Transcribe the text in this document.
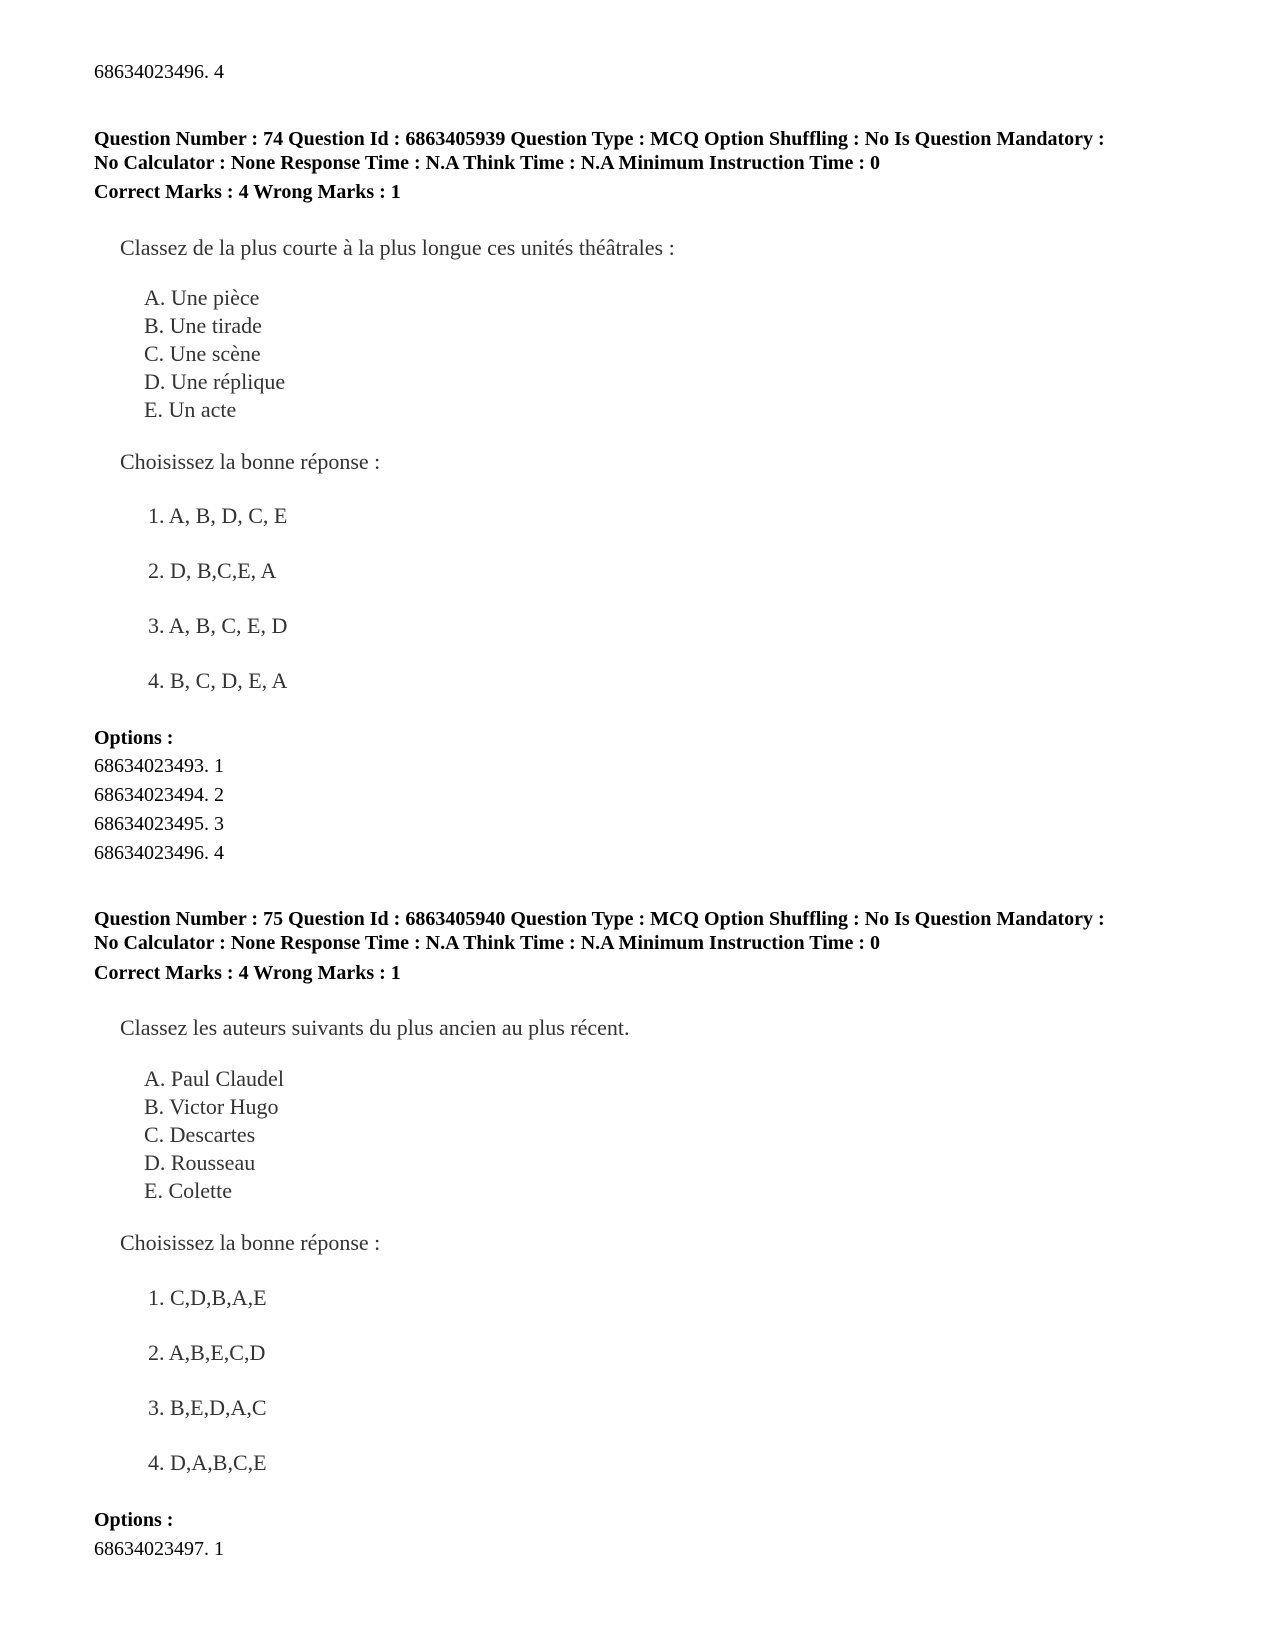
68634023496. 4
Question Number : 74 Question Id : 6863405939 Question Type : MCQ Option Shuffling : No Is Question Mandatory :
No Calculator : None Response Time : N.A Think Time : N.A Minimum Instruction Time : 0
Correct Marks : 4 Wrong Marks : 1
Classez de la plus courte à la plus longue ces unités théâtrales :
A. Une pièce
B. Une tirade
C. Une scène
D. Une réplique
E. Un acte
Choisissez la bonne réponse :
1. A, B, D, C, E
2. D, B,C,E, A
3. A, B, C, E, D
4. B, C, D, E, A
Options :
68634023493. 1
68634023494. 2
68634023495. 3
68634023496. 4
Question Number : 75 Question Id : 6863405940 Question Type : MCQ Option Shuffling : No Is Question Mandatory :
No Calculator : None Response Time : N.A Think Time : N.A Minimum Instruction Time : 0
Correct Marks : 4 Wrong Marks : 1
Classez les auteurs suivants du plus ancien au plus récent.
A. Paul Claudel
B. Victor Hugo
C. Descartes
D. Rousseau
E. Colette
Choisissez la bonne réponse :
1. C,D,B,A,E
2. A,B,E,C,D
3. B,E,D,A,C
4. D,A,B,C,E
Options :
68634023497. 1
